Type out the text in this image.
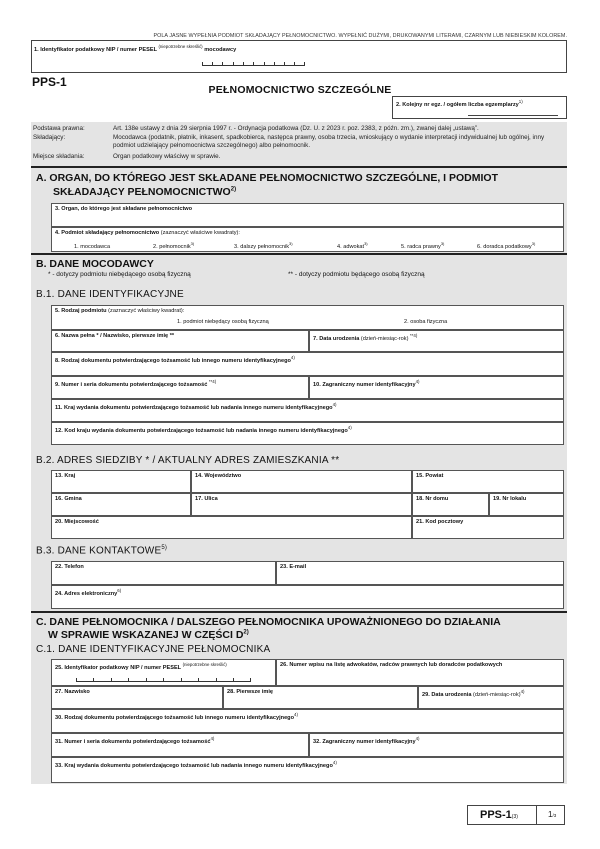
POLA JASNE WYPEŁNIA PODMIOT SKŁADAJĄCY PEŁNOMOCNICTWO. WYPEŁNIĆ DUŻYMI, DRUKOWANYMI LITERAMI, CZARNYM LUB NIEBIESKIM KOLOREM.
1. Identyfikator podatkowy NIP / numer PESEL $^{(niepotrzebne skreślić)}$ mocodawcy
PPS-1
PEŁNOMOCNICTWO SZCZEGÓLNE
2. Kolejny nr egz. / ogółem liczba egzemplarzy$^{1)}$
Podstawa prawna:	Art. 138e ustawy z dnia 29 sierpnia 1997 r. - Ordynacja podatkowa (Dz. U. z 2023 r. poz. 2383, z późn. zm.), zwanej dalej „ustawą”.
Składający:	Mocodawca (podatnik, płatnik, inkasent, spadkobierca, następca prawny, osoba trzecia, wnioskujący o wydanie interpretacji indywidualnej lub ogólnej, inny podmiot udzielający pełnomocnictwa szczególnego) albo pełnomocnik.
Miejsce składania:	Organ podatkowy właściwy w sprawie.
A. ORGAN, DO KTÓREGO JEST SKŁADANE PEŁNOMOCNICTWO SZCZEGÓLNE, I PODMIOT
SKŁADAJĄCY PEŁNOMOCNICTWO$^{2)}$
3. Organ, do którego jest składane pełnomocnictwo
4. Podmiot składający pełnomocnictwo (zaznaczyć właściwe kwadraty):
1. mocodawca	2. pełnomocnik$^{3)}$
3. dalszy pełnomocnik$^{3)}$
4. adwokat$^{3)}$
5. radca prawny$^{3)}$
6. doradca podatkowy$^{3)}$
B. DANE MOCODAWCY
* - dotyczy podmiotu niebędącego osobą fizyczną	** - dotyczy podmiotu będącego osobą fizyczną
B.1. DANE IDENTYFIKACYJNE
5. Rodzaj podmiotu (zaznaczyć właściwy kwadrat):
1. podmiot niebędący osobą fizyczną	2. osoba fizyczna
6. Nazwa pełna * / Nazwisko, pierwsze imię **	7. Data urodzenia (dzień-miesiąc-rok) $^{**4)}$
8. Rodzaj dokumentu potwierdzającego tożsamość lub innego numeru identyfikacyjnego$^{4)}$
9. Numer i seria dokumentu potwierdzającego tożsamość $^{**4)}$
10. Zagraniczny numer identyfikacyjny$^{4)}$
11. Kraj wydania dokumentu potwierdzającego tożsamość lub nadania innego numeru identyfikacyjnego$^{4)}$
12. Kod kraju wydania dokumentu potwierdzającego tożsamość lub nadania innego numeru identyfikacyjnego$^{4)}$
B.2. ADRES SIEDZIBY * / AKTUALNY ADRES ZAMIESZKANIA **
13. Kraj	14. Województwo	15. Powiat
16. Gmina	17. Ulica	18. Nr domu	19. Nr lokalu
20. Miejscowość	21. Kod pocztowy
B.3. DANE KONTAKTOWE$^{5)}$
22. Telefon	23. E-mail
24. Adres elektroniczny$^{6)}$
C. DANE PEŁNOMOCNIKA / DALSZEGO PEŁNOMOCNIKA UPOWAŻNIONEGO DO DZIAŁANIA
W SPRAWIE WSKAZANEJ W CZĘŚCI $D^{2)}$
C.1. DANE IDENTYFIKACYJNE PEŁNOMOCNIKA
25. Identyfikator podatkowy NIP / numer PESEL $^{(niepotrzebne skreślić)}$	26. Numer wpisu na listę adwokatów, radców prawnych lub doradców podatkowych
27. Nazwisko	28. Pierwsze imię	29. Data urodzenia (dzień-miesiąc-rok)$^{4)}$
30. Rodzaj dokumentu potwierdzającego tożsamość lub innego numeru identyfikacyjnego$^{4)}$
31. Numer i seria dokumentu potwierdzającego tożsamość$^{4)}$
32. Zagraniczny numer identyfikacyjny$^{4)}$
33. Kraj wydania dokumentu potwierdzającego tożsamość lub nadania innego numeru identyfikacyjnego$^{4)}$
PPS-1(3)	1/3
